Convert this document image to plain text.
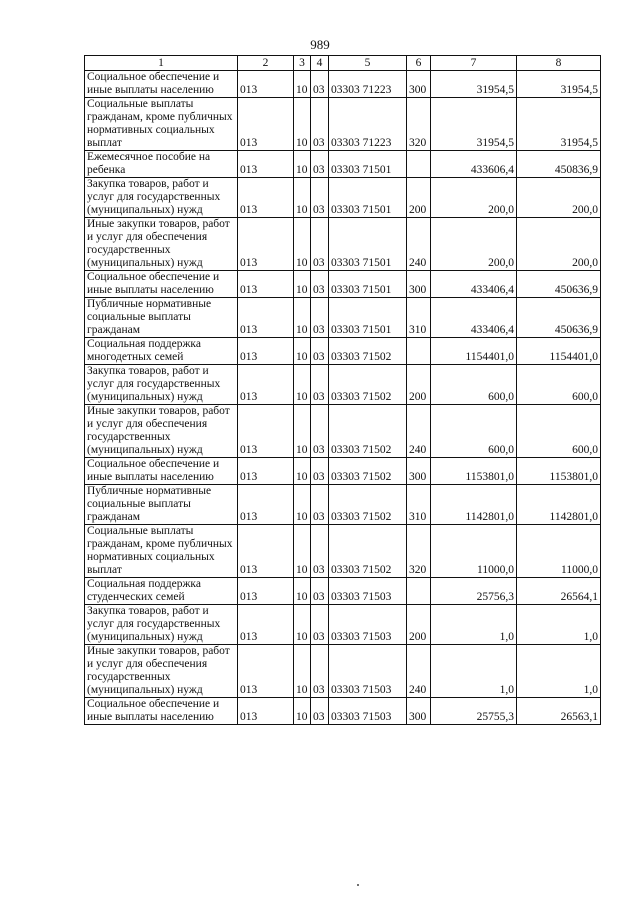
989
1	2	3	4	5	6	7	8
Социальное обеспечение и иные выплаты населению	013	10	03	03303 71223	300	31954,5	31954,5
Социальные выплаты гражданам, кроме публичных нормативных социальных выплат	013	10	03	03303 71223	320	31954,5	31954,5
Ежемесячное пособие на ребенка	013	10	03	03303 71501		433606,4	450836,9
Закупка товаров, работ и услуг для государственных (муниципальных) нужд	013	10	03	03303 71501	200	200,0	200,0
Иные закупки товаров, работ и услуг для обеспечения государственных (муниципальных) нужд	013	10	03	03303 71501	240	200,0	200,0
Социальное обеспечение и иные выплаты населению	013	10	03	03303 71501	300	433406,4	450636,9
Публичные нормативные социальные выплаты гражданам	013	10	03	03303 71501	310	433406,4	450636,9
Социальная поддержка многодетных семей	013	10	03	03303 71502		1154401,0	1154401,0
Закупка товаров, работ и услуг для государственных (муниципальных) нужд	013	10	03	03303 71502	200	600,0	600,0
Иные закупки товаров, работ и услуг для обеспечения государственных (муниципальных) нужд	013	10	03	03303 71502	240	600,0	600,0
Социальное обеспечение и иные выплаты населению	013	10	03	03303 71502	300	1153801,0	1153801,0
Публичные нормативные социальные выплаты гражданам	013	10	03	03303 71502	310	1142801,0	1142801,0
Социальные выплаты гражданам, кроме публичных нормативных социальных выплат	013	10	03	03303 71502	320	11000,0	11000,0
Социальная поддержка студенческих семей	013	10	03	03303 71503		25756,3	26564,1
Закупка товаров, работ и услуг для государственных (муниципальных) нужд	013	10	03	03303 71503	200	1,0	1,0
Иные закупки товаров, работ и услуг для обеспечения государственных (муниципальных) нужд	013	10	03	03303 71503	240	1,0	1,0
Социальное обеспечение и иные выплаты населению	013	10	03	03303 71503	300	25755,3	26563,1
